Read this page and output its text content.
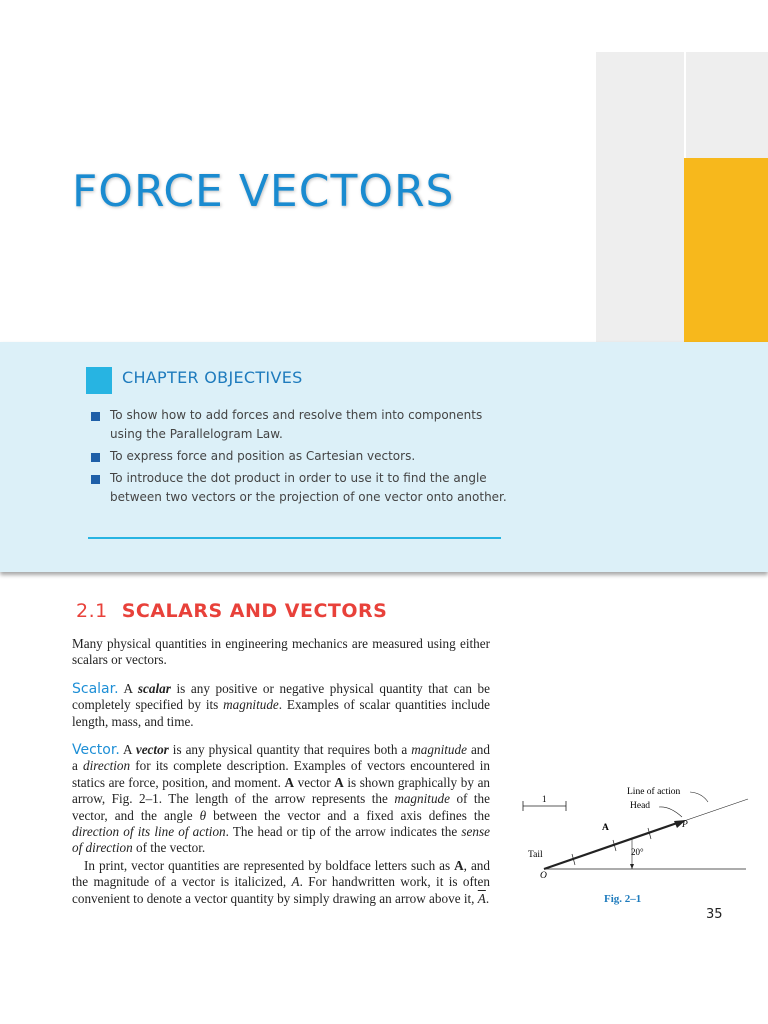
FORCE VECTORS
CHAPTER OBJECTIVES
To show how to add forces and resolve them into components using the Parallelogram Law.
To express force and position as Cartesian vectors.
To introduce the dot product in order to use it to find the angle between two vectors or the projection of one vector onto another.
2.1 SCALARS AND VECTORS

Many physical quantities in engineering mechanics are measured using either scalars or vectors.

Scalar. A scalar is any positive or negative physical quantity that can be completely specified by its magnitude. Examples of scalar quantities include length, mass, and time.

Vector. A vector is any physical quantity that requires both a magnitude and a direction for its complete description. Examples of vectors encountered in statics are force, position, and moment. A vector A is shown graphically by an arrow, Fig. 2–1. The length of the arrow represents the magnitude of the vector, and the angle θ between the vector and a fixed axis defines the direction of its line of action. The head or tip of the arrow indicates the sense of direction of the vector.

In print, vector quantities are represented by boldface letters such as A, and the magnitude of a vector is italicized, A. For handwritten work, it is often convenient to denote a vector quantity by simply drawing an arrow above it, $\overline{A}$.

1
20°
Line of action
Head
A	P
Tail
O

Fig. 2–1

35
